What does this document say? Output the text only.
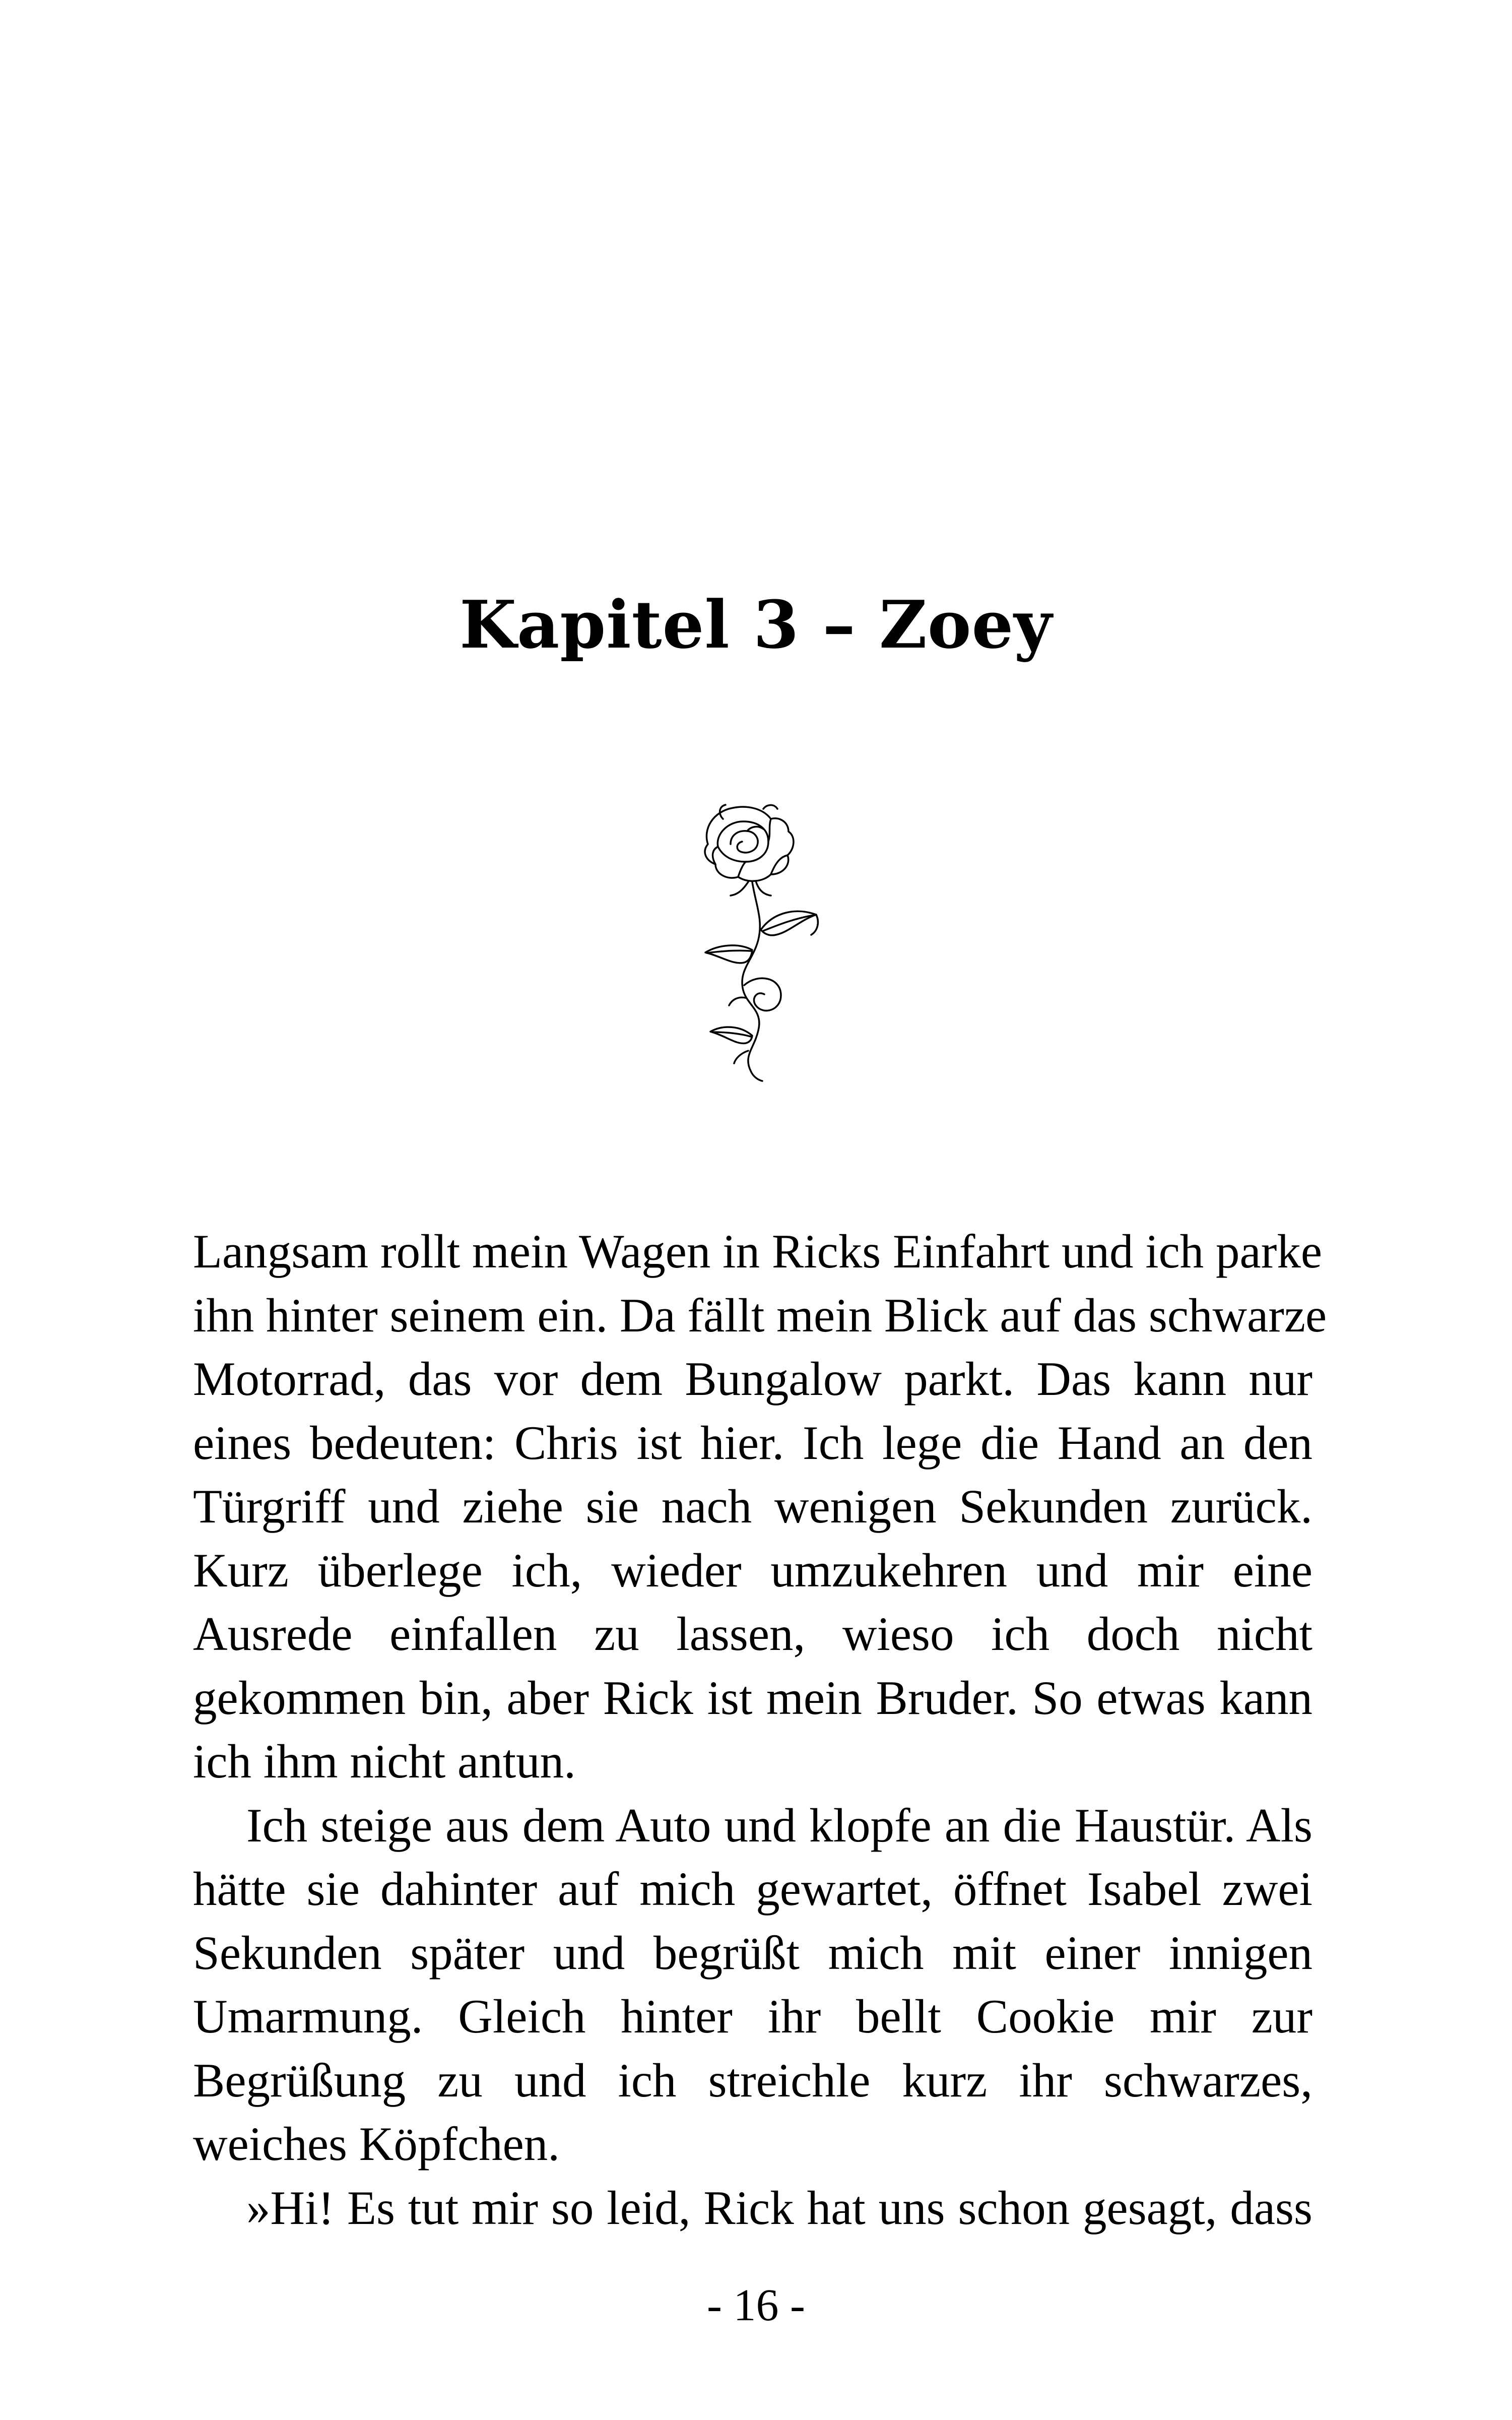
Kapitel 3 – Zoey

Langsam rollt mein Wagen in Ricks Einfahrt und ich parke
ihn hinter seinem ein. Da fällt mein Blick auf das schwarze
Motorrad, das vor dem Bungalow parkt. Das kann nur
eines bedeuten: Chris ist hier. Ich lege die Hand an den
Türgriff und ziehe sie nach wenigen Sekunden zurück.
Kurz überlege ich, wieder umzukehren und mir eine
Ausrede einfallen zu lassen, wieso ich doch nicht
gekommen bin, aber Rick ist mein Bruder. So etwas kann
ich ihm nicht antun.

Ich steige aus dem Auto und klopfe an die Haustür. Als
hätte sie dahinter auf mich gewartet, öffnet Isabel zwei
Sekunden später und begrüßt mich mit einer innigen
Umarmung. Gleich hinter ihr bellt Cookie mir zur
Begrüßung zu und ich streichle kurz ihr schwarzes,
weiches Köpfchen.

»Hi! Es tut mir so leid, Rick hat uns schon gesagt, dass

- 16 -
